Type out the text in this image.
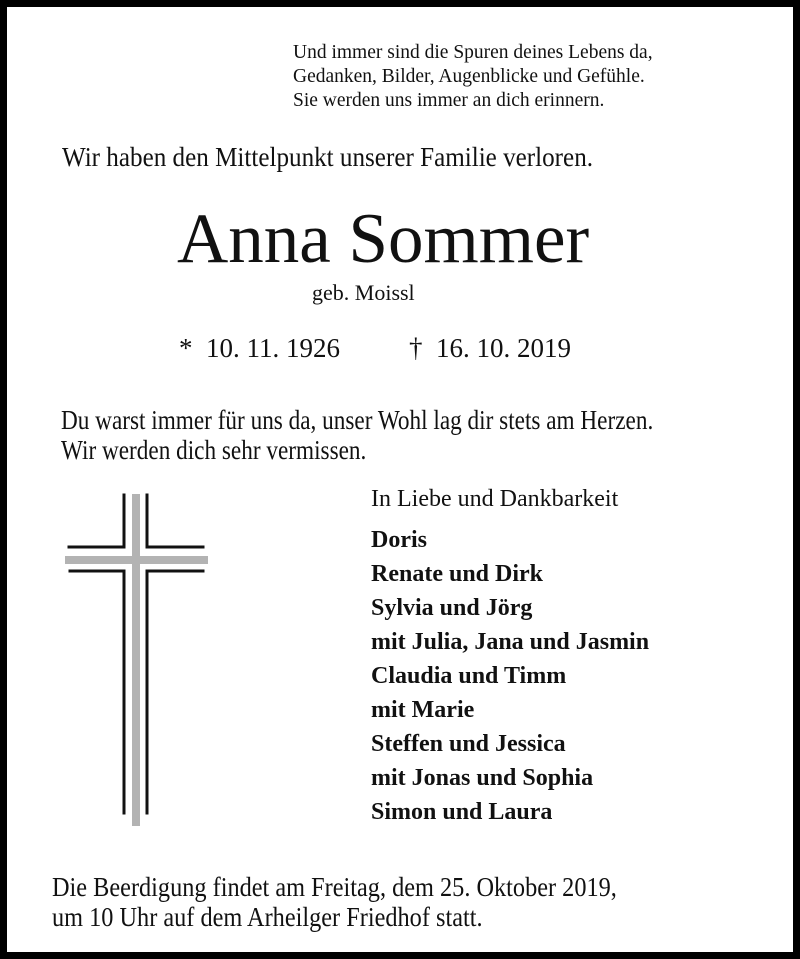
Und immer sind die Spuren deines Lebens da,
Gedanken, Bilder, Augenblicke und Gefühle.
Sie werden uns immer an dich erinnern.
Wir haben den Mittelpunkt unserer Familie verloren.
Anna Sommer
geb. Moissl
* 10. 11. 1926	† 16. 10. 2019
Du warst immer für uns da, unser Wohl lag dir stets am Herzen.
Wir werden dich sehr vermissen.
In Liebe und Dankbarkeit
Doris
Renate und Dirk
Sylvia und Jörg
mit Julia, Jana und Jasmin
Claudia und Timm
mit Marie
Steffen und Jessica
mit Jonas und Sophia
Simon und Laura
Die Beerdigung findet am Freitag, dem 25. Oktober 2019,
um 10 Uhr auf dem Arheilger Friedhof statt.
